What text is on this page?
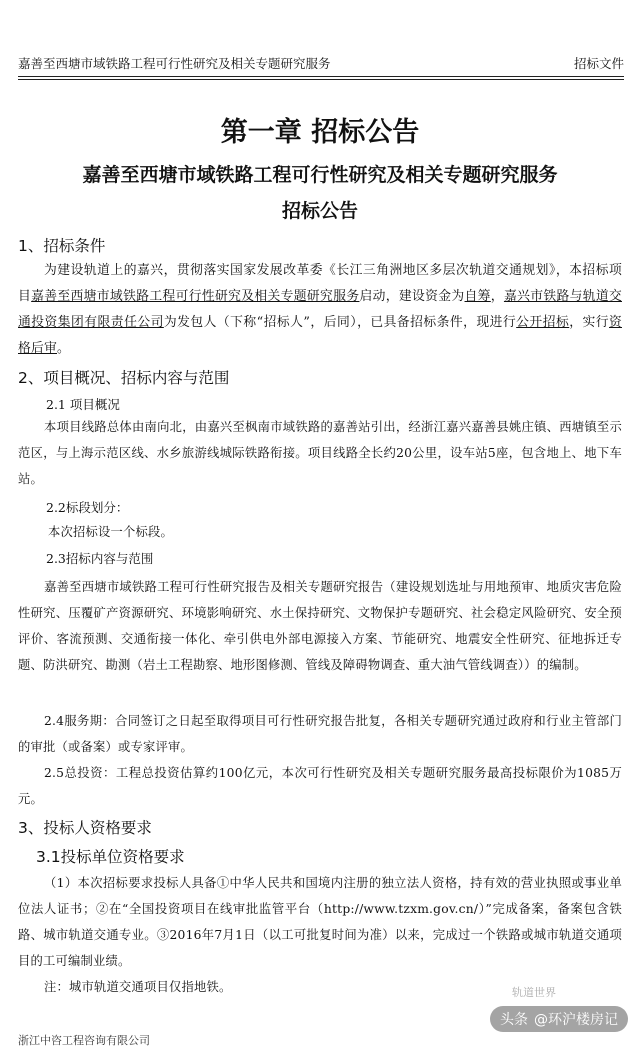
嘉善至西塘市域铁路工程可行性研究及相关专题研究服务	招标文件
第一章 招标公告
嘉善至西塘市域铁路工程可行性研究及相关专题研究服务
招标公告
1、招标条件
为建设轨道上的嘉兴，贯彻落实国家发展改革委《长江三角洲地区多层次轨道交通规划》，本招标项目嘉善至西塘市域铁路工程可行性研究及相关专题研究服务启动，建设资金为自筹，嘉兴市铁路与轨道交通投资集团有限责任公司为发包人（下称“招标人”，后同），已具备招标条件，现进行公开招标，实行资格后审。
2、项目概况、招标内容与范围
2.1 项目概况
本项目线路总体由南向北，由嘉兴至枫南市域铁路的嘉善站引出，经浙江嘉兴嘉善县姚庄镇、西塘镇至示范区，与上海示范区线、水乡旅游线城际铁路衔接。项目线路全长约20公里，设车站5座，包含地上、地下车站。
2.2标段划分：
本次招标设一个标段。
2.3招标内容与范围
嘉善至西塘市域铁路工程可行性研究报告及相关专题研究报告（建设规划选址与用地预审、地质灾害危险性研究、压覆矿产资源研究、环境影响研究、水土保持研究、文物保护专题研究、社会稳定风险研究、安全预评价、客流预测、交通衔接一体化、牵引供电外部电源接入方案、节能研究、地震安全性研究、征地拆迁专题、防洪研究、勘测（岩土工程勘察、地形图修测、管线及障碍物调查、重大油气管线调查））的编制。
2.4服务期：合同签订之日起至取得项目可行性研究报告批复，各相关专题研究通过政府和行业主管部门的审批（或备案）或专家评审。
2.5总投资：工程总投资估算约100亿元，本次可行性研究及相关专题研究服务最高投标限价为1085万元。
3、投标人资格要求
3.1投标单位资格要求
（1）本次招标要求投标人具备①中华人民共和国境内注册的独立法人资格，持有效的营业执照或事业单位法人证书；②在“全国投资项目在线审批监管平台（http://www.tzxm.gov.cn/）”完成备案，备案包含铁路、城市轨道交通专业。③2016年7月1日（以工可批复时间为准）以来，完成过一个铁路或城市轨道交通项目的工可编制业绩。
注：城市轨道交通项目仅指地铁。
浙江中咨工程咨询有限公司
轨道世界
头条 @环沪楼房记
